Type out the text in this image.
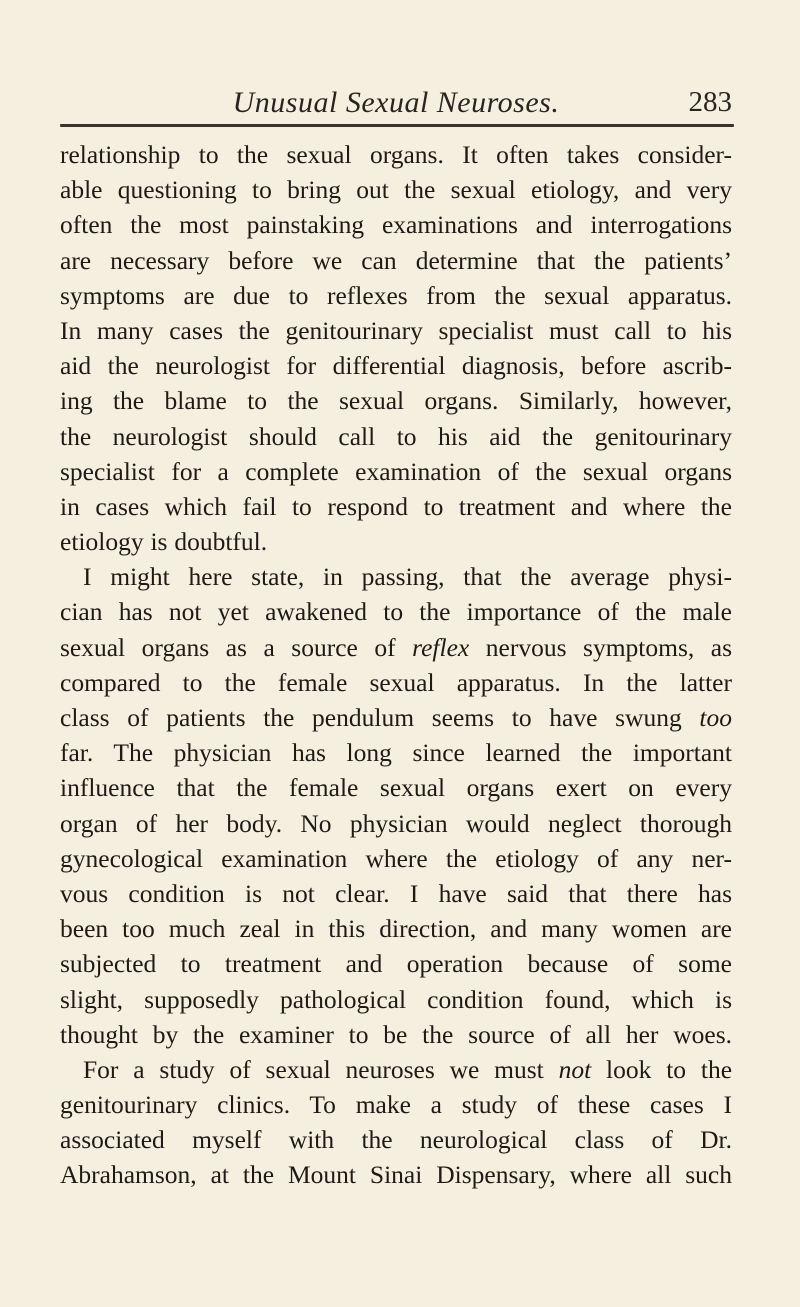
Unusual Sexual Neuroses.	283
relationship to the sexual organs. It often takes consider-
able questioning to bring out the sexual etiology, and very
often the most painstaking examinations and interrogations
are necessary before we can determine that the patients’
symptoms are due to reflexes from the sexual apparatus.
In many cases the genitourinary specialist must call to his
aid the neurologist for differential diagnosis, before ascrib-
ing the blame to the sexual organs. Similarly, however,
the neurologist should call to his aid the genitourinary
specialist for a complete examination of the sexual organs
in cases which fail to respond to treatment and where the
etiology is doubtful.
I might here state, in passing, that the average physi-
cian has not yet awakened to the importance of the male
sexual organs as a source of reflex nervous symptoms, as
compared to the female sexual apparatus. In the latter
class of patients the pendulum seems to have swung too
far. The physician has long since learned the important
influence that the female sexual organs exert on every
organ of her body. No physician would neglect thorough
gynecological examination where the etiology of any ner-
vous condition is not clear. I have said that there has
been too much zeal in this direction, and many women are
subjected to treatment and operation because of some
slight, supposedly pathological condition found, which is
thought by the examiner to be the source of all her woes.
For a study of sexual neuroses we must not look to the
genitourinary clinics. To make a study of these cases I
associated myself with the neurological class of Dr.
Abrahamson, at the Mount Sinai Dispensary, where all such
